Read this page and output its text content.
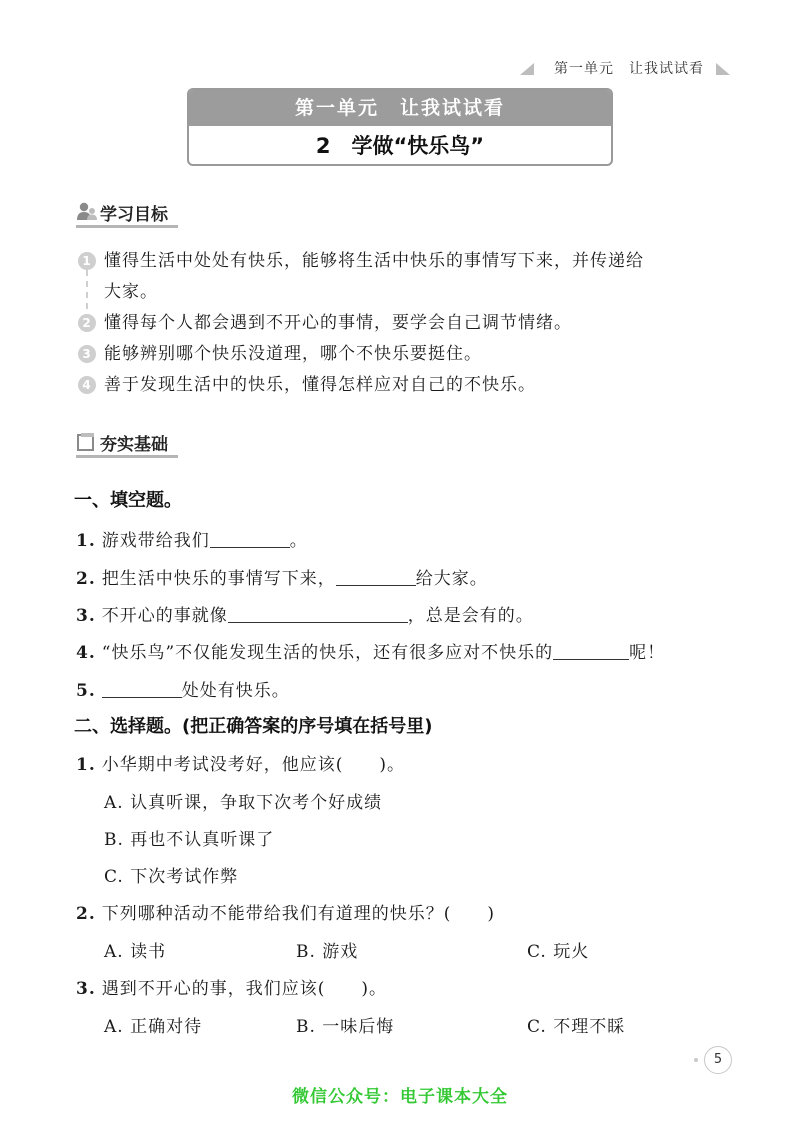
第一单元　让我试试看
第一单元　让我试试看
2　学做“快乐鸟”
学习目标
1 懂得生活中处处有快乐，能够将生活中快乐的事情写下来，并传递给
大家。
2 懂得每个人都会遇到不开心的事情，要学会自己调节情绪。
3 能够辨别哪个快乐没道理，哪个不快乐要挺住。
4 善于发现生活中的快乐，懂得怎样应对自己的不快乐。
夯实基础
一、填空题。
1. 游戏带给我们	。
2. 把生活中快乐的事情写下来，	给大家。
3. 不开心的事就像	，总是会有的。
4. “快乐鸟”不仅能发现生活的快乐，还有很多应对不快乐的	呢！
5.	处处有快乐。
二、选择题。(把正确答案的序号填在括号里)
1. 小华期中考试没考好，他应该(　　)。
A. 认真听课，争取下次考个好成绩
B. 再也不认真听课了
C. 下次考试作弊
2. 下列哪种活动不能带给我们有道理的快乐？(　　)
A. 读书	B. 游戏	C. 玩火
3. 遇到不开心的事，我们应该(　　)。
A. 正确对待	B. 一味后悔	C. 不理不睬
5
微信公众号：电子课本大全
